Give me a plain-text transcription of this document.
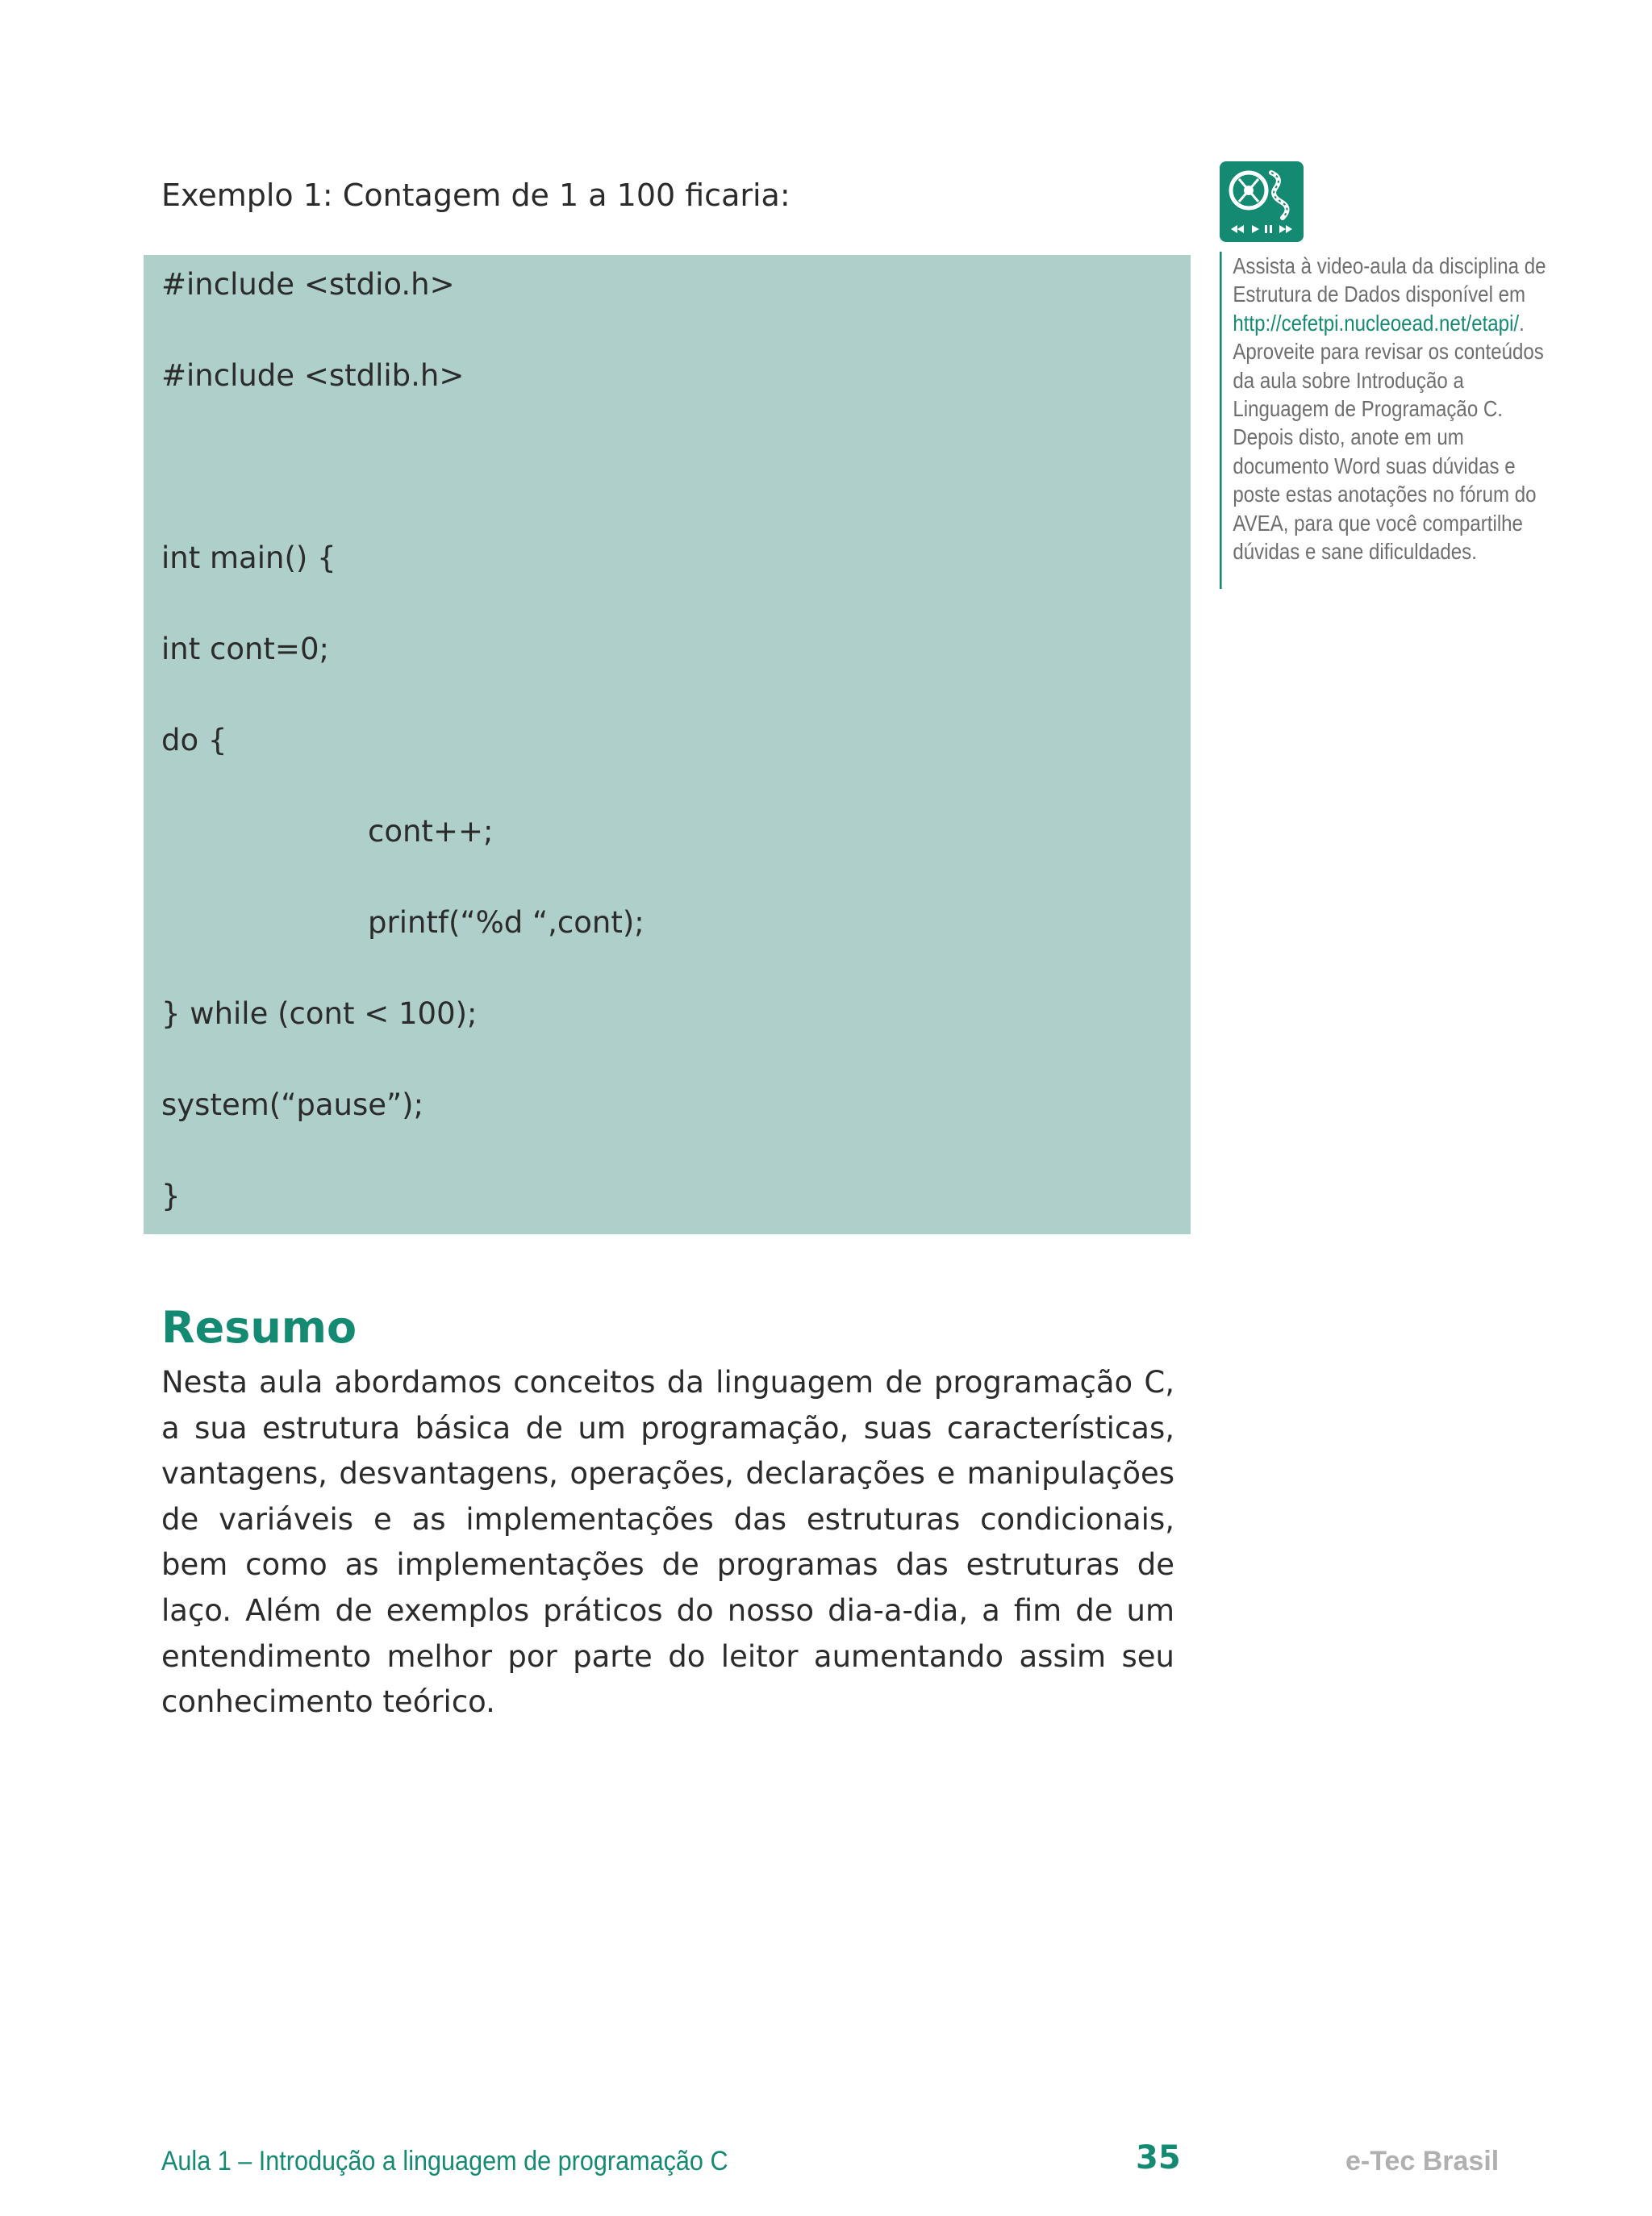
Exemplo 1: Contagem de 1 a 100 ficaria:
#include <stdio.h>
#include <stdlib.h>
int main() {
int cont=0;
do {
cont++;
printf(“%d “,cont);
} while (cont < 100);
system(“pause”);
}
Assista à video-aula da disciplina de Estrutura de Dados disponível em http://cefetpi.nucleoead.net/etapi/. Aproveite para revisar os conteúdos da aula sobre Introdução a Linguagem de Programação C. Depois disto, anote em um documento Word suas dúvidas e poste estas anotações no fórum do AVEA, para que você compartilhe dúvidas e sane dificuldades.
Resumo
Nesta aula abordamos conceitos da linguagem de programação C, a sua estrutura básica de um programação, suas características, vantagens, desvantagens, operações, declarações e manipulações de variáveis e as implementações das estruturas condicionais, bem como as implementações de programas das estruturas de laço. Além de exemplos práticos do nosso dia-a-dia, a fim de um entendimento melhor por parte do leitor aumentando assim seu conhecimento teórico.
Aula 1 – Introdução a linguagem de programação C	35	e-Tec Brasil
